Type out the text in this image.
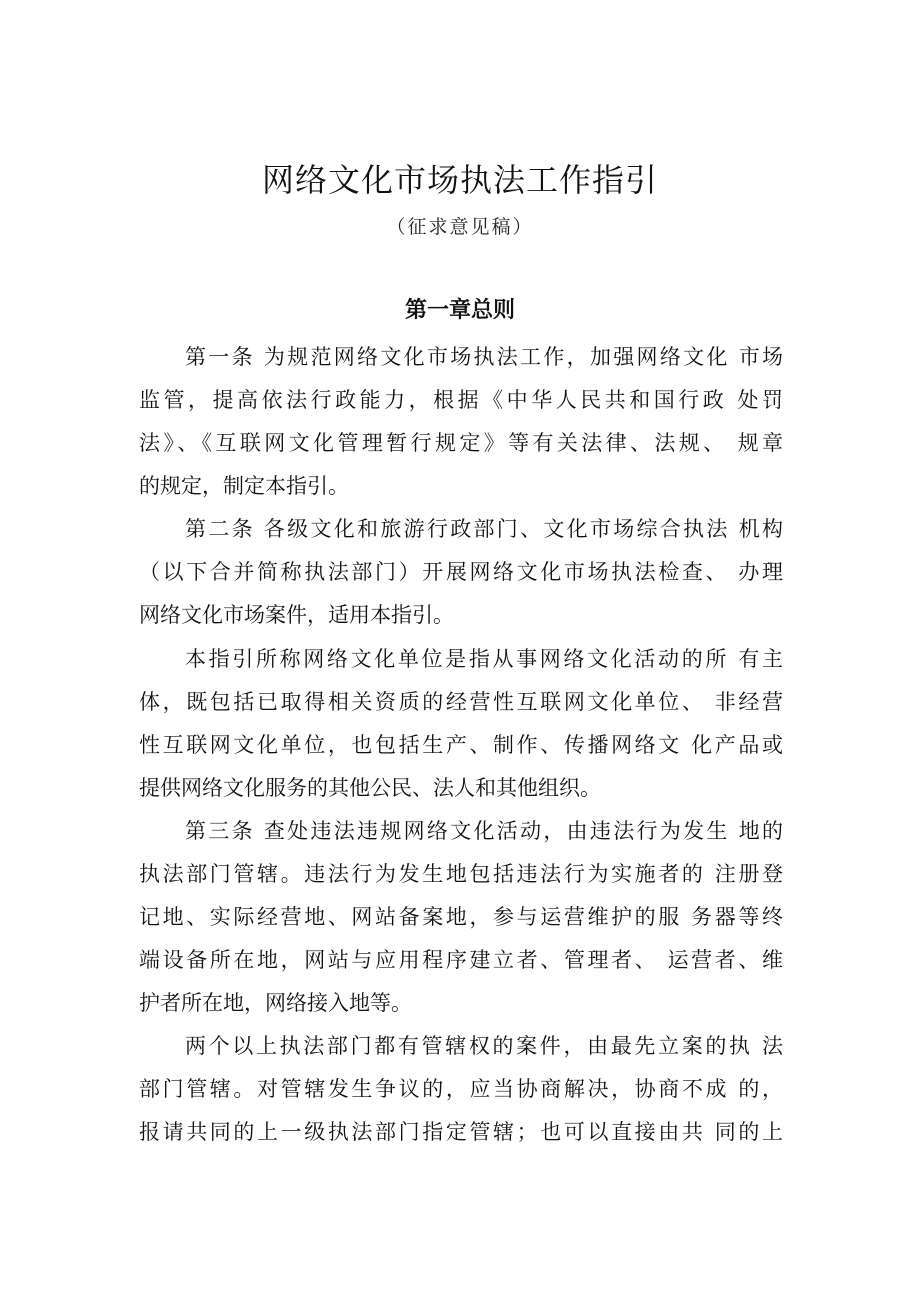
网络文化市场执法工作指引
（征求意见稿）
第一章总则
第一条 为规范网络文化市场执法工作，加强网络文化 市场
监管，提高依法行政能力，根据《中华人民共和国行政 处罚
法》、《互联网文化管理暂行规定》等有关法律、法规、 规章
的规定，制定本指引。
第二条 各级文化和旅游行政部门、文化市场综合执法 机构
（以下合并简称执法部门）开展网络文化市场执法检查、 办理
网络文化市场案件，适用本指引。
本指引所称网络文化单位是指从事网络文化活动的所 有主
体，既包括已取得相关资质的经营性互联网文化单位、 非经营
性互联网文化单位，也包括生产、制作、传播网络文 化产品或
提供网络文化服务的其他公民、法人和其他组织。
第三条 查处违法违规网络文化活动，由违法行为发生 地的
执法部门管辖。违法行为发生地包括违法行为实施者的 注册登
记地、实际经营地、网站备案地，参与运营维护的服 务器等终
端设备所在地，网站与应用程序建立者、管理者、 运营者、维
护者所在地，网络接入地等。
两个以上执法部门都有管辖权的案件，由最先立案的执 法
部门管辖。对管辖发生争议的，应当协商解决，协商不成 的，
报请共同的上一级执法部门指定管辖；也可以直接由共 同的上
